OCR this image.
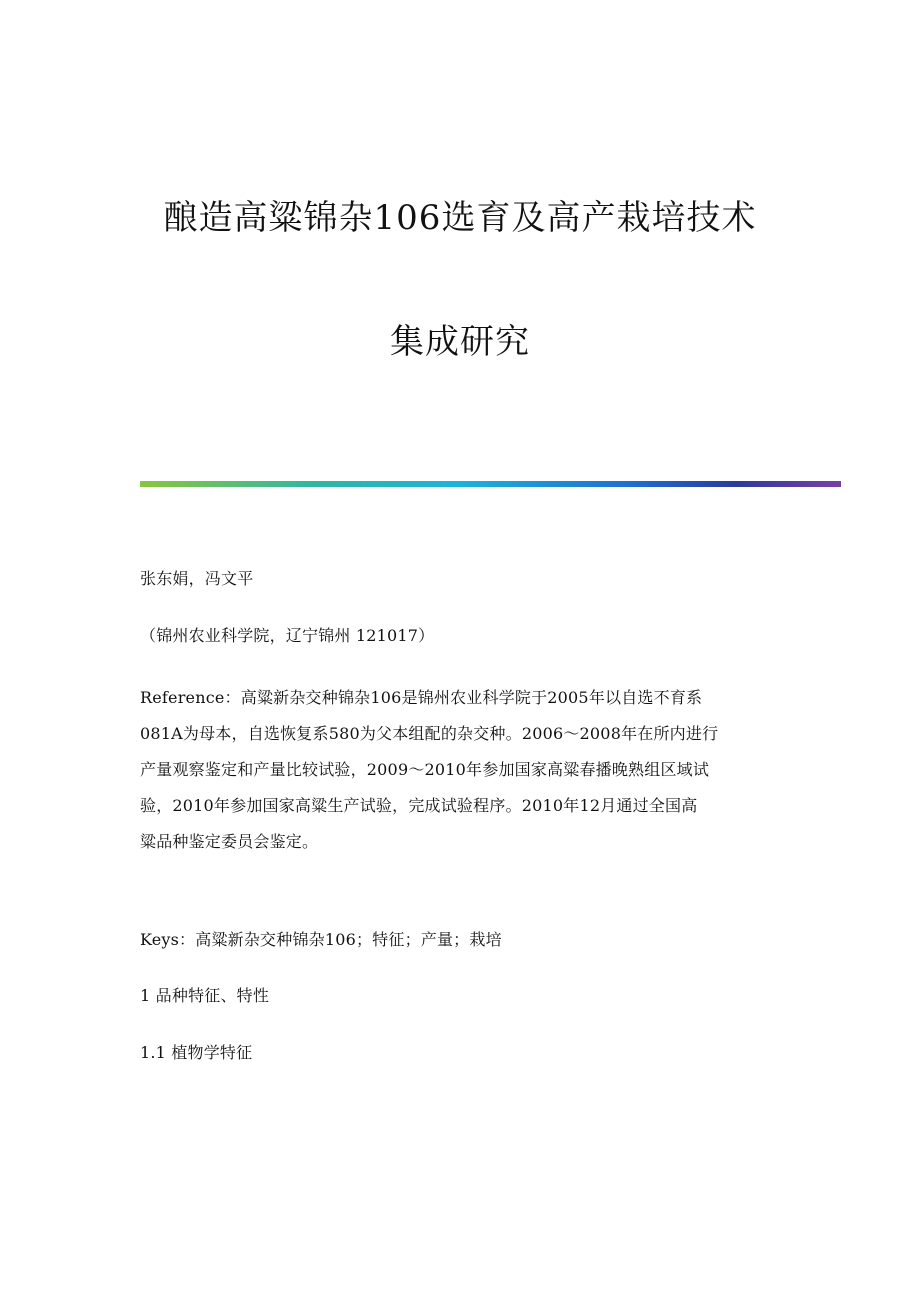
酿造高粱锦杂106选育及高产栽培技术
集成研究

张东娟，冯文平

（锦州农业科学院，辽宁锦州 121017）

Reference：高粱新杂交种锦杂106是锦州农业科学院于2005年以自选不育系
081A为母本，自选恢复系580为父本组配的杂交种。2006～2008年在所内进行
产量观察鉴定和产量比较试验，2009～2010年参加国家高粱春播晚熟组区域试
验，2010年参加国家高粱生产试验，完成试验程序。2010年12月通过全国高
粱品种鉴定委员会鉴定。

Keys：高粱新杂交种锦杂106；特征；产量；栽培

1 品种特征、特性

1.1 植物学特征
